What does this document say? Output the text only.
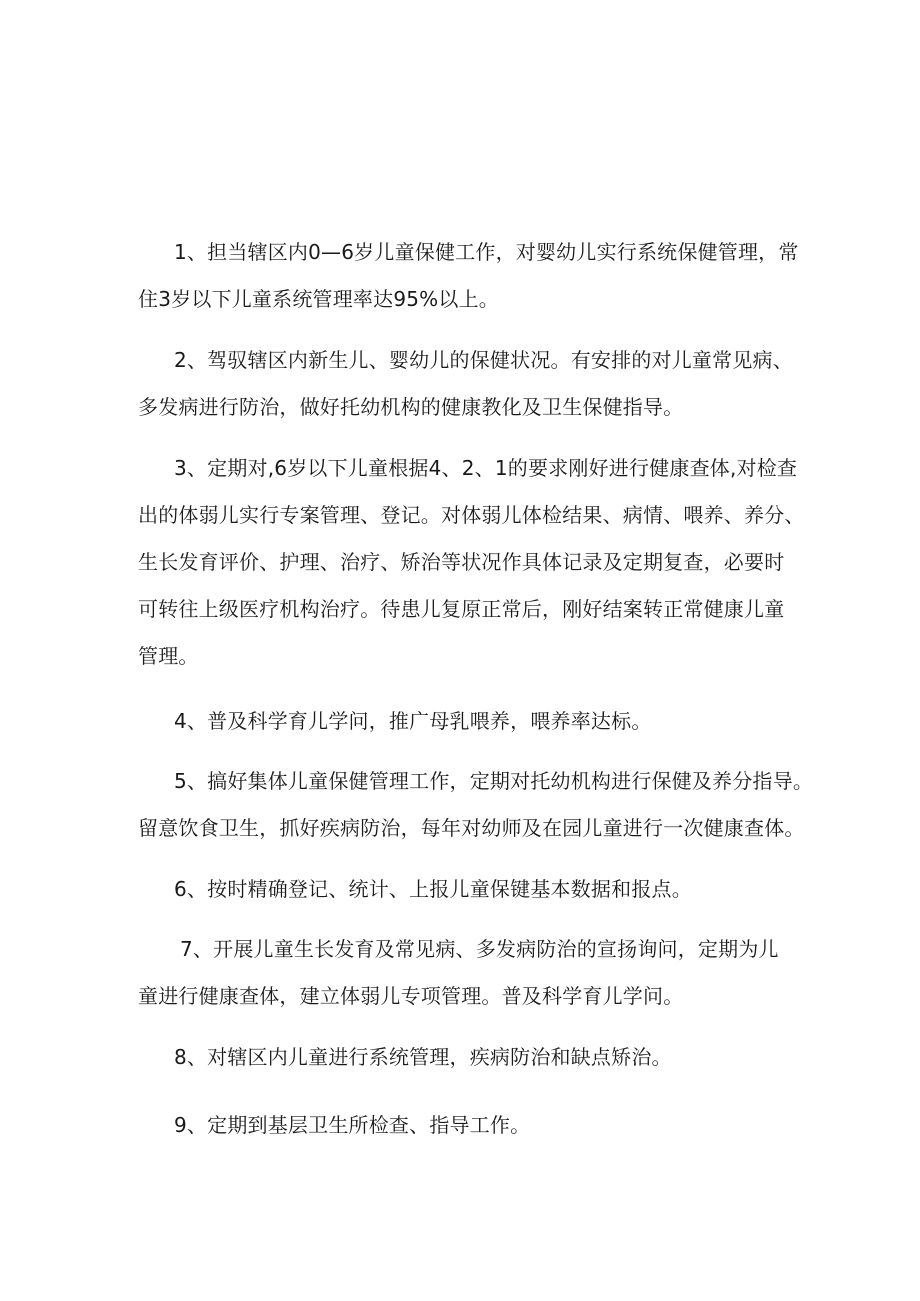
1、担当辖区内0—6岁儿童保健工作，对婴幼儿实行系统保健管理，常
住3岁以下儿童系统管理率达95%以上。
2、驾驭辖区内新生儿、婴幼儿的保健状况。有安排的对儿童常见病、
多发病进行防治，做好托幼机构的健康教化及卫生保健指导。
3、定期对,6岁以下儿童根据4、2、1的要求刚好进行健康查体,对检查
出的体弱儿实行专案管理、登记。对体弱儿体检结果、病情、喂养、养分、
生长发育评价、护理、治疗、矫治等状况作具体记录及定期复查，必要时
可转往上级医疗机构治疗。待患儿复原正常后，刚好结案转正常健康儿童
管理。
4、普及科学育儿学问，推广母乳喂养，喂养率达标。
5、搞好集体儿童保健管理工作，定期对托幼机构进行保健及养分指导。
留意饮食卫生，抓好疾病防治，每年对幼师及在园儿童进行一次健康查体。
6、按时精确登记、统计、上报儿童保键基本数据和报点。
7、开展儿童生长发育及常见病、多发病防治的宣扬询问，定期为儿
童进行健康查体，建立体弱儿专项管理。普及科学育儿学问。
8、对辖区内儿童进行系统管理，疾病防治和缺点矫治。
9、定期到基层卫生所检查、指导工作。
